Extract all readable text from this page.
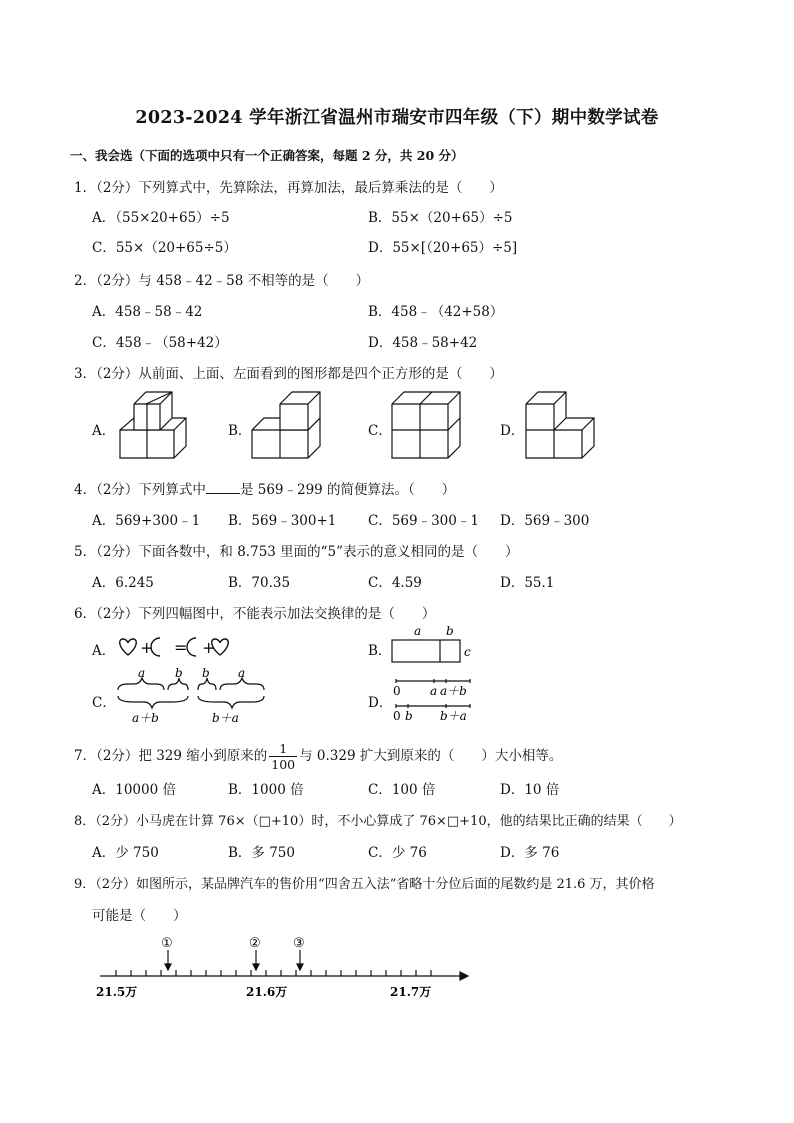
2023-2024 学年浙江省温州市瑞安市四年级（下）期中数学试卷
一、我会选（下面的选项中只有一个正确答案，每题 2 分，共 20 分）
1．（2分）下列算式中，先算除法，再算加法，最后算乘法的是（　　）
A．（55×20+65）÷5	B．55×（20+65）÷5
C．55×（20+65÷5）	D．55×[（20+65）÷5]
2．（2分）与 458﹣42﹣58 不相等的是（　　）
A．458﹣58﹣42	B．458﹣（42+58）
C．458﹣（58+42）	D．458﹣58+42
3．（2分）从前面、上面、左面看到的图形都是四个正方形的是（　　）
A．	B．	C．	D．
4．（2分）下列算式中	是 569﹣299 的简便算法。（　　）
A．569+300﹣1 B．569﹣300+1 C．569﹣300﹣1 D．569﹣300
5．（2分）下面各数中，和 8.753 里面的“5”表示的意义相同的是（　　）
A．6.245	B．70.35	C．4.59	D．55.1
6．（2分）下列四幅图中，不能表示加法交换律的是（　　）
A．	B．
C．	D．
+ = +
a b
c
a b b a
a＋b	b＋a
0 a a＋b
0 b b＋a
7．（2分）把 329 缩小到原来的 $\frac{1}{100}$ 与 0.329 扩大到原来的（　　）大小相等。
A．10000 倍	B．1000 倍	C．100 倍	D．10 倍
8．（2分）小马虎在计算 76×（□+10）时，不小心算成了 76×□+10，他的结果比正确的结果（　　）
A．少 750	B．多 750	C．少 76	D．多 76
9．（2分）如图所示，某品牌汽车的售价用“四舍五入法”省略十分位后面的尾数约是 21.6 万，其价格
可能是（　　）
①	② ③
21.5万	21.6万	21.7万
